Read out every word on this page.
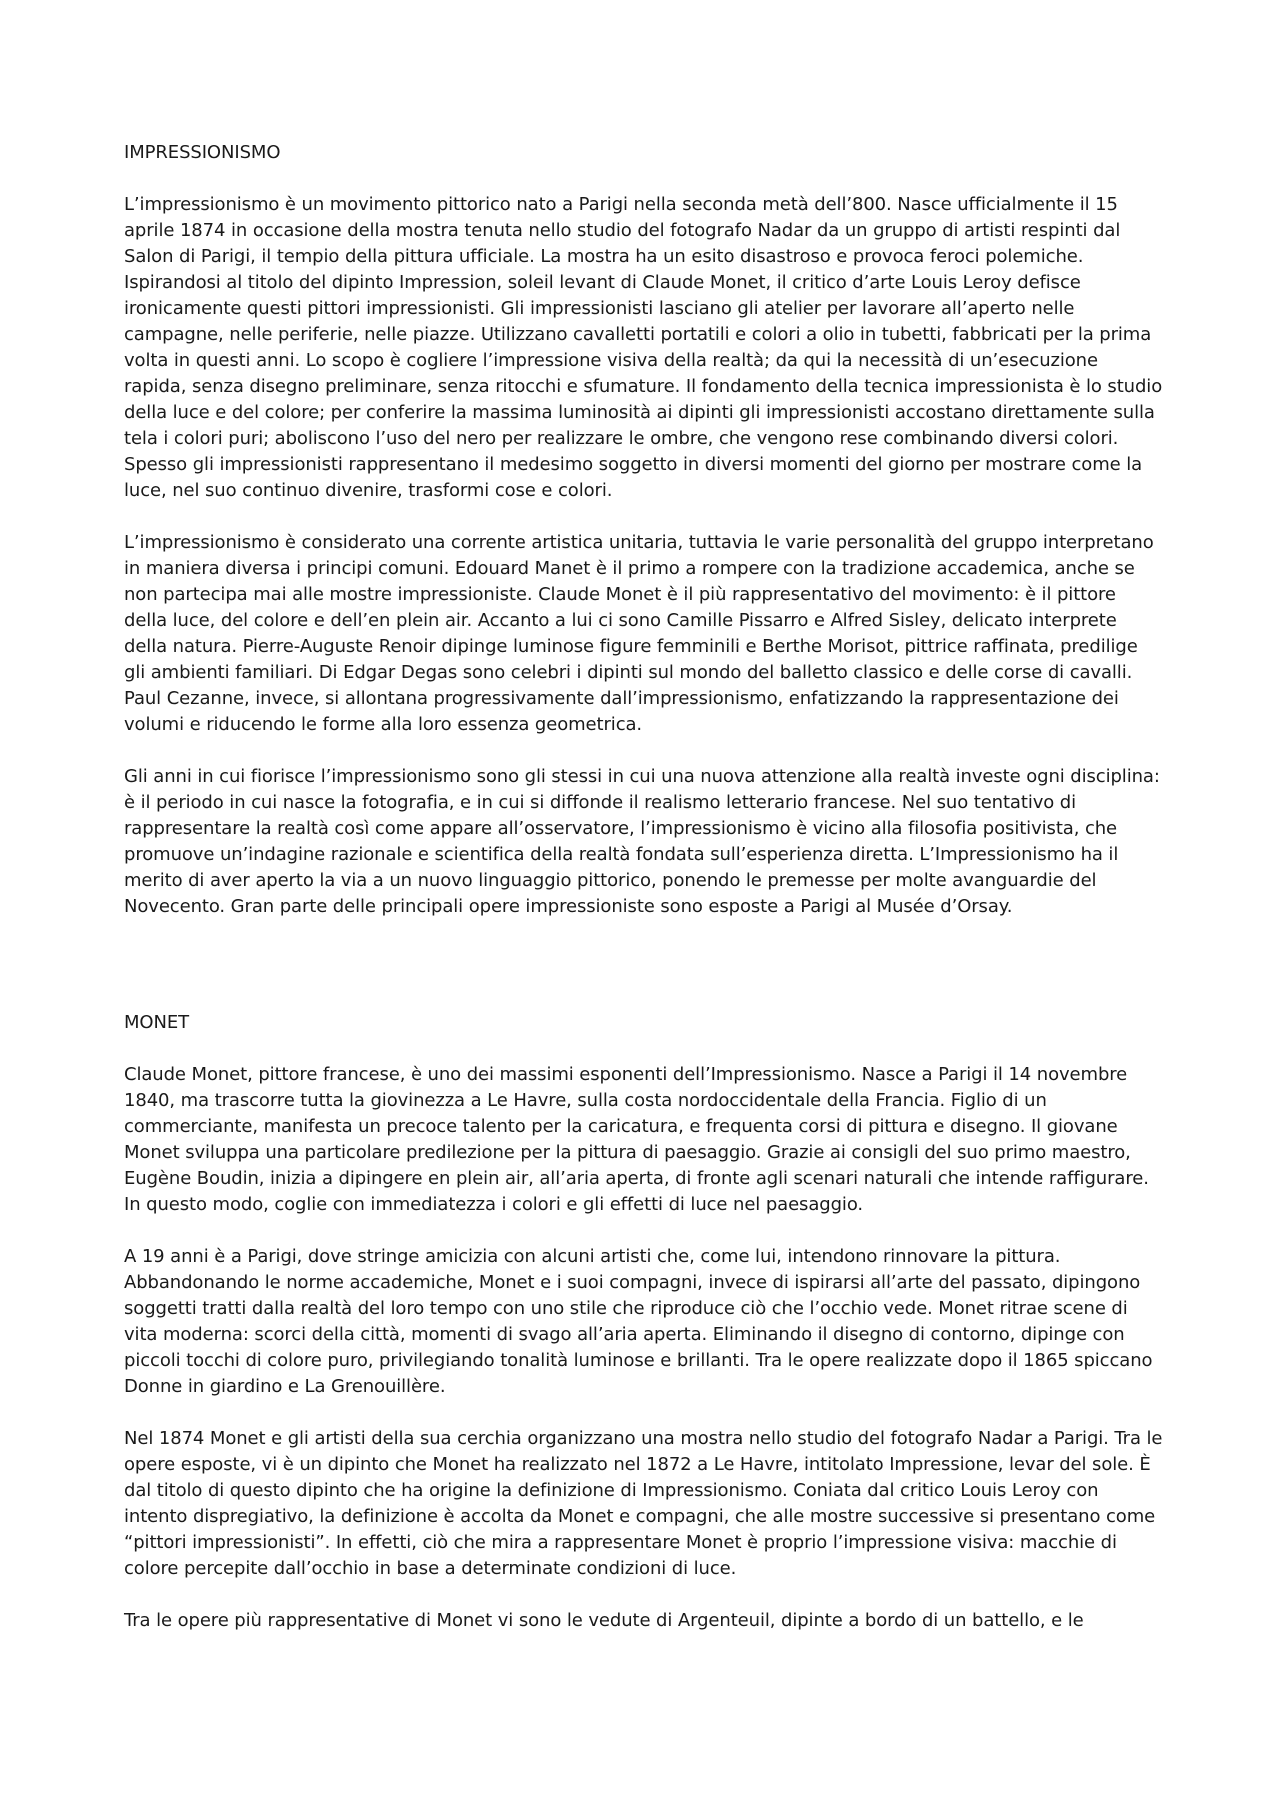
IMPRESSIONISMO

L’impressionismo è un movimento pittorico nato a Parigi nella seconda metà dell’800. Nasce ufficialmente il 15 aprile 1874 in occasione della mostra tenuta nello studio del fotografo Nadar da un gruppo di artisti respinti dal Salon di Parigi, il tempio della pittura ufficiale. La mostra ha un esito disastroso e provoca feroci polemiche. Ispirandosi al titolo del dipinto Impression, soleil levant di Claude Monet, il critico d’arte Louis Leroy defisce ironicamente questi pittori impressionisti. Gli impressionisti lasciano gli atelier per lavorare all’aperto nelle campagne, nelle periferie, nelle piazze. Utilizzano cavalletti portatili e colori a olio in tubetti, fabbricati per la prima volta in questi anni. Lo scopo è cogliere l’impressione visiva della realtà; da qui la necessità di un’esecuzione rapida, senza disegno preliminare, senza ritocchi e sfumature. Il fondamento della tecnica impressionista è lo studio della luce e del colore; per conferire la massima luminosità ai dipinti gli impressionisti accostano direttamente sulla tela i colori puri; aboliscono l’uso del nero per realizzare le ombre, che vengono rese combinando diversi colori. Spesso gli impressionisti rappresentano il medesimo soggetto in diversi momenti del giorno per mostrare come la luce, nel suo continuo divenire, trasformi cose e colori.

L’impressionismo è considerato una corrente artistica unitaria, tuttavia le varie personalità del gruppo interpretano in maniera diversa i principi comuni. Edouard Manet è il primo a rompere con la tradizione accademica, anche se non partecipa mai alle mostre impressioniste. Claude Monet è il più rappresentativo del movimento: è il pittore della luce, del colore e dell’en plein air. Accanto a lui ci sono Camille Pissarro e Alfred Sisley, delicato interprete della natura. Pierre-Auguste Renoir dipinge luminose figure femminili e Berthe Morisot, pittrice raffinata, predilige gli ambienti familiari. Di Edgar Degas sono celebri i dipinti sul mondo del balletto classico e delle corse di cavalli. Paul Cezanne, invece, si allontana progressivamente dall’impressionismo, enfatizzando la rappresentazione dei volumi e riducendo le forme alla loro essenza geometrica.

Gli anni in cui fiorisce l’impressionismo sono gli stessi in cui una nuova attenzione alla realtà investe ogni disciplina: è il periodo in cui nasce la fotografia, e in cui si diffonde il realismo letterario francese. Nel suo tentativo di rappresentare la realtà così come appare all’osservatore, l’impressionismo è vicino alla filosofia positivista, che promuove un’indagine razionale e scientifica della realtà fondata sull’esperienza diretta. L’Impressionismo ha il merito di aver aperto la via a un nuovo linguaggio pittorico, ponendo le premesse per molte avanguardie del Novecento. Gran parte delle principali opere impressioniste sono esposte a Parigi al Musée d’Orsay.

MONET

Claude Monet, pittore francese, è uno dei massimi esponenti dell’Impressionismo. Nasce a Parigi il 14 novembre 1840, ma trascorre tutta la giovinezza a Le Havre, sulla costa nordoccidentale della Francia. Figlio di un commerciante, manifesta un precoce talento per la caricatura, e frequenta corsi di pittura e disegno. Il giovane Monet sviluppa una particolare predilezione per la pittura di paesaggio. Grazie ai consigli del suo primo maestro, Eugène Boudin, inizia a dipingere en plein air, all’aria aperta, di fronte agli scenari naturali che intende raffigurare. In questo modo, coglie con immediatezza i colori e gli effetti di luce nel paesaggio.

A 19 anni è a Parigi, dove stringe amicizia con alcuni artisti che, come lui, intendono rinnovare la pittura. Abbandonando le norme accademiche, Monet e i suoi compagni, invece di ispirarsi all’arte del passato, dipingono soggetti tratti dalla realtà del loro tempo con uno stile che riproduce ciò che l’occhio vede. Monet ritrae scene di vita moderna: scorci della città, momenti di svago all’aria aperta. Eliminando il disegno di contorno, dipinge con piccoli tocchi di colore puro, privilegiando tonalità luminose e brillanti. Tra le opere realizzate dopo il 1865 spiccano Donne in giardino e La Grenouillère.

Nel 1874 Monet e gli artisti della sua cerchia organizzano una mostra nello studio del fotografo Nadar a Parigi. Tra le opere esposte, vi è un dipinto che Monet ha realizzato nel 1872 a Le Havre, intitolato Impressione, levar del sole. È dal titolo di questo dipinto che ha origine la definizione di Impressionismo. Coniata dal critico Louis Leroy con intento dispregiativo, la definizione è accolta da Monet e compagni, che alle mostre successive si presentano come “pittori impressionisti”. In effetti, ciò che mira a rappresentare Monet è proprio l’impressione visiva: macchie di colore percepite dall’occhio in base a determinate condizioni di luce.

Tra le opere più rappresentative di Monet vi sono le vedute di Argenteuil, dipinte a bordo di un battello, e le
